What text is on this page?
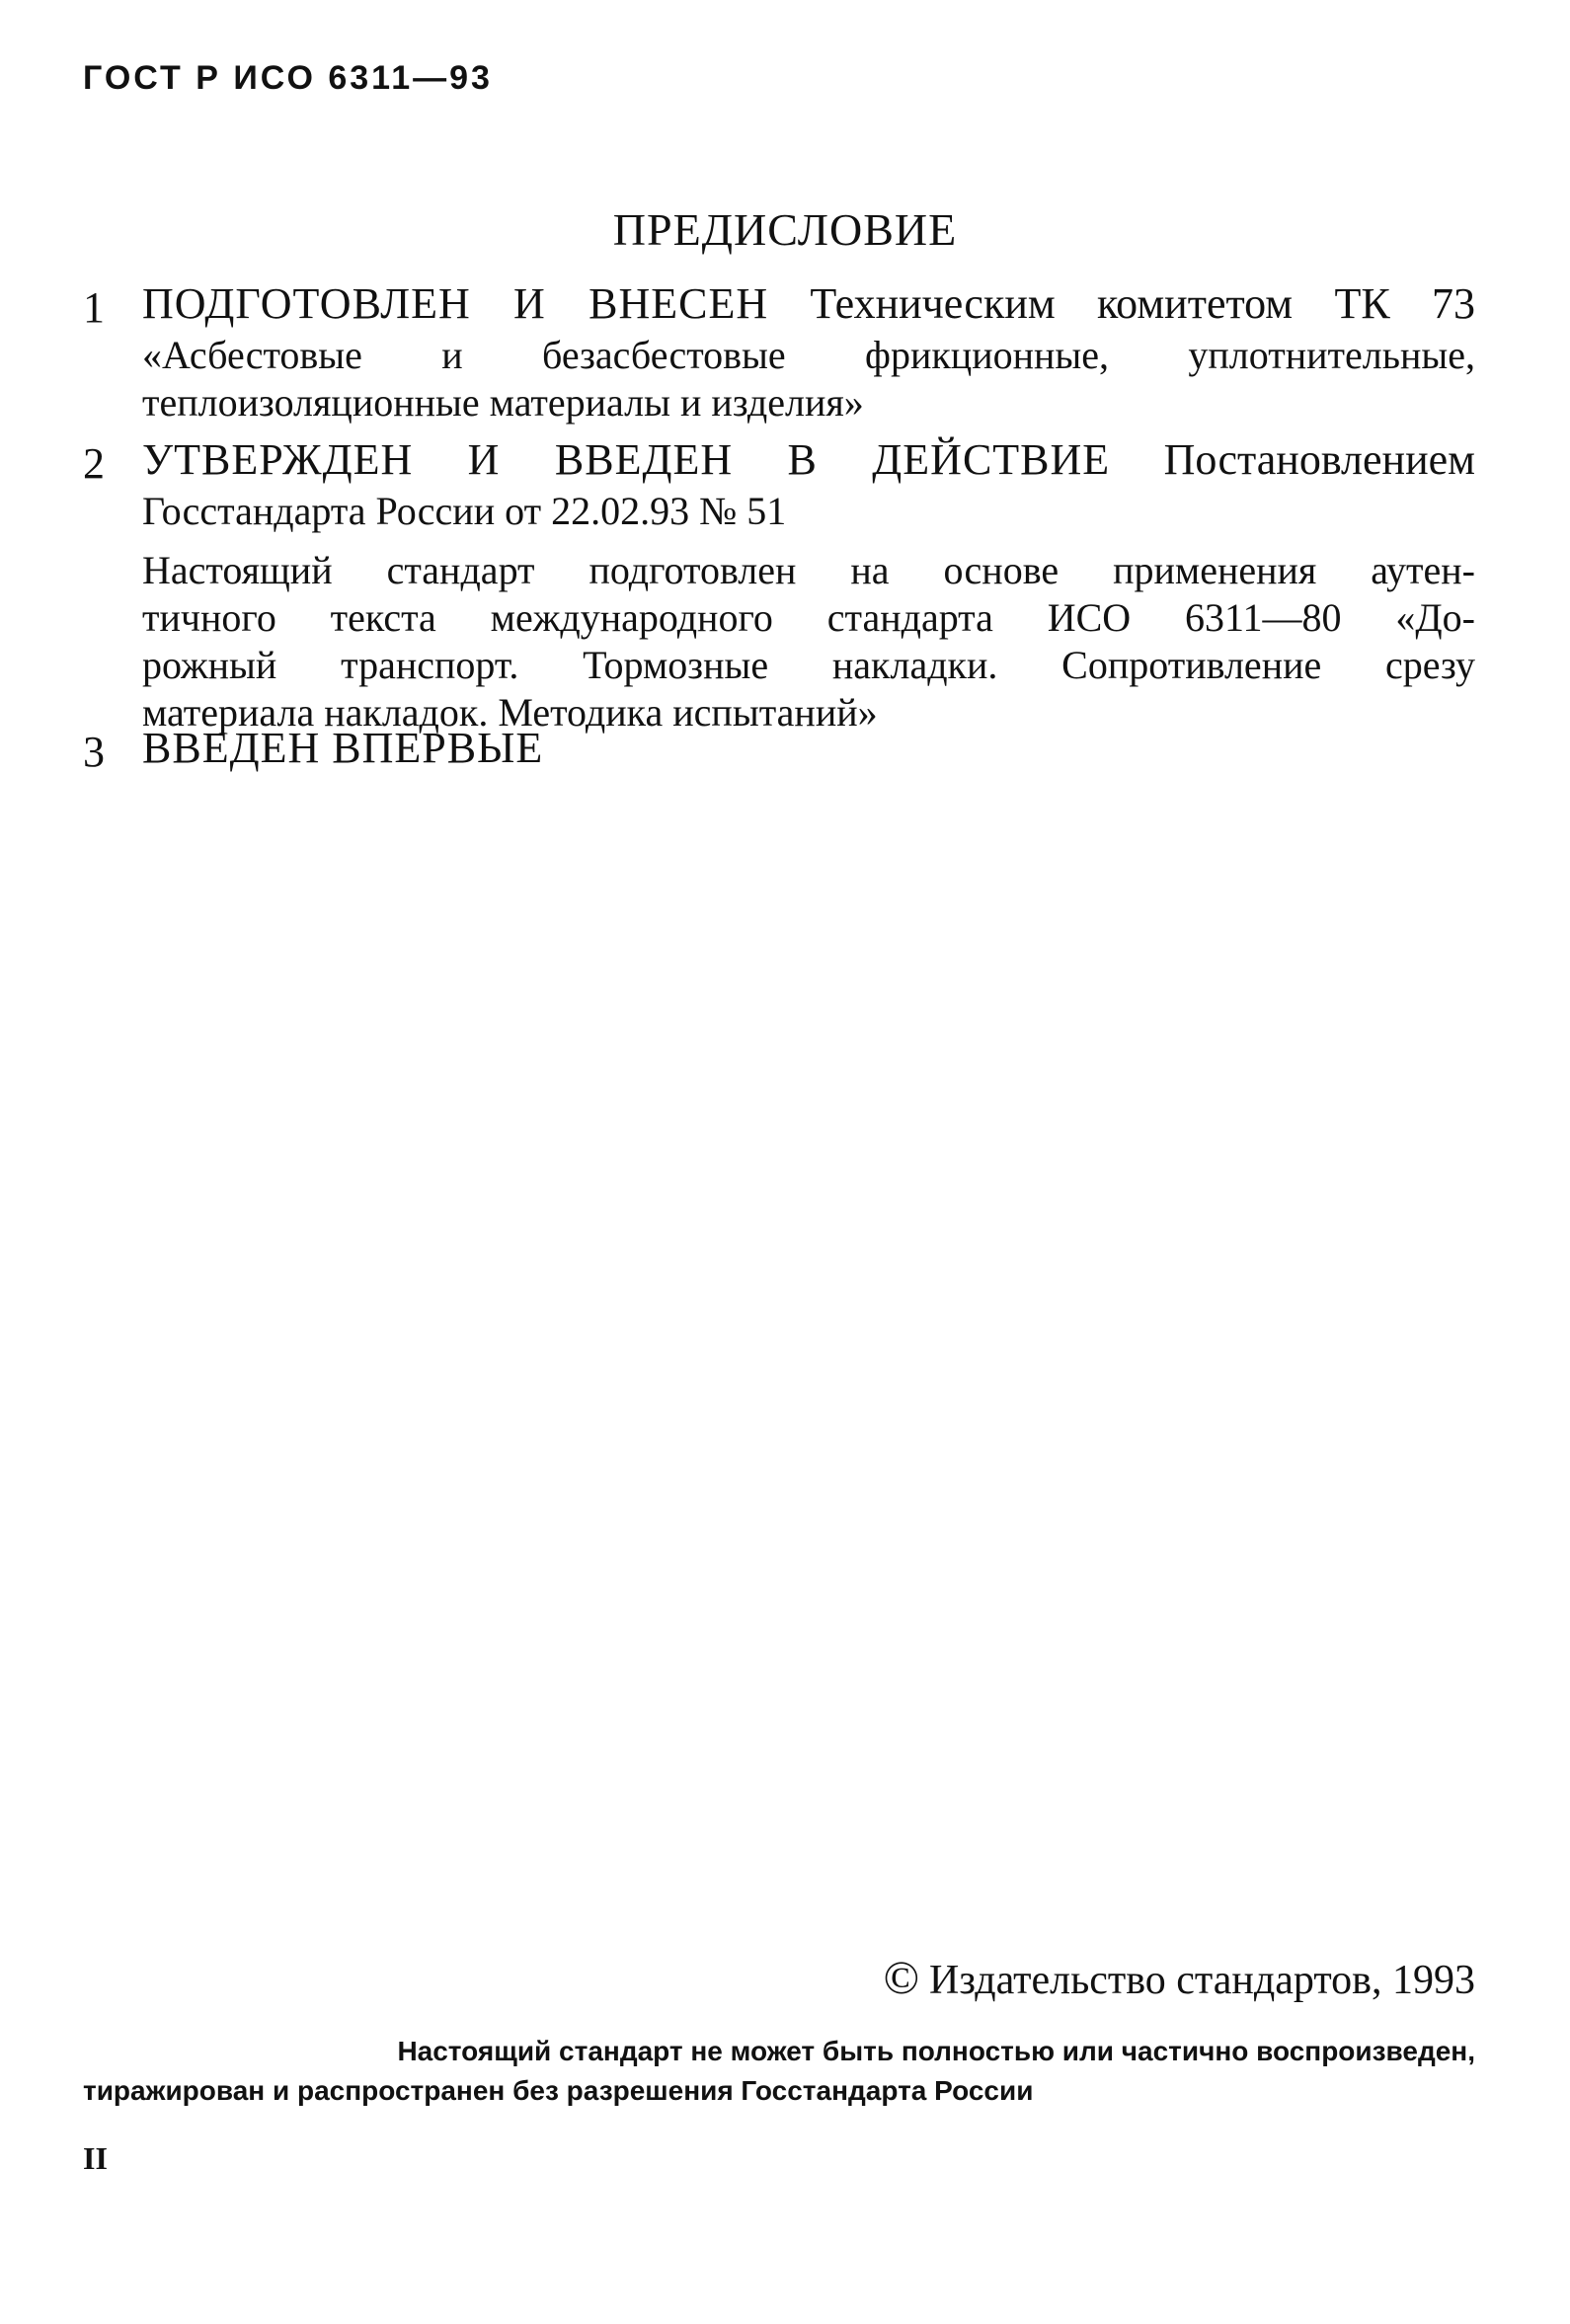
ГОСТ Р ИСО 6311—93
ПРЕДИСЛОВИЕ
1 ПОДГОТОВЛЕН И ВНЕСЕН Техническим комитетом ТК 73
«Асбестовые и безасбестовые фрикционные, уплотнительные,
теплоизоляционные материалы и изделия»
2 УТВЕРЖДЕН И ВВЕДЕН В ДЕЙСТВИЕ Постановлением
Госстандарта России от 22.02.93 № 51
Настоящий стандарт подготовлен на основе применения аутен-
тичного текста международного стандарта ИСО 6311—80 «До-
рожный транспорт. Тормозные накладки. Сопротивление срезу
материала накладок. Методика испытаний»
3 ВВЕДЕН ВПЕРВЫЕ
© Издательство стандартов, 1993
Настоящий стандарт не может быть полностью или частично воспроизведен,
тиражирован и распространен без разрешения Госстандарта России
II
